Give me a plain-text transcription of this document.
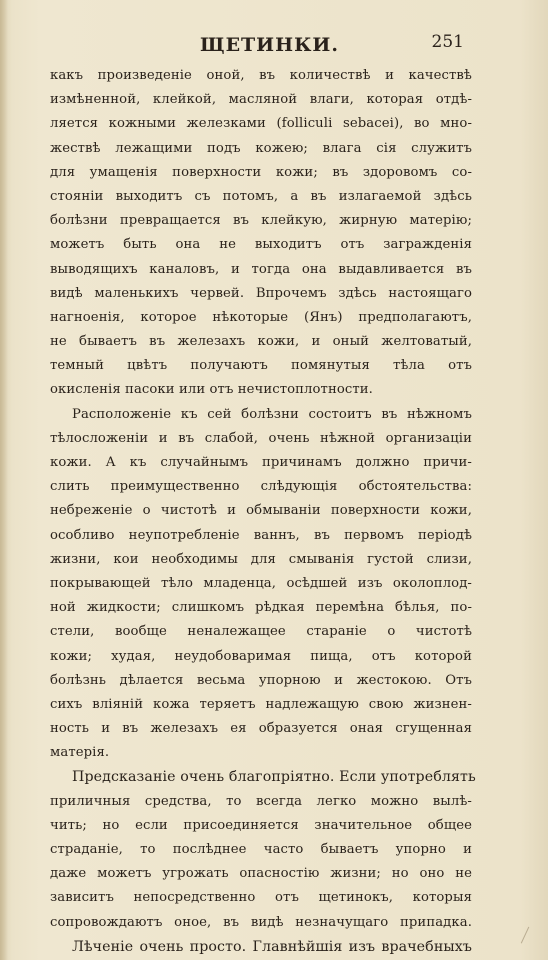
ЩЕТИНКИ.	251
какъ произведеніе оной, въ количествѣ и качествѣ
измѣненной, клейкой, масляной влаги, которая отдѣ-
ляется кожными железками (folliculi sebacei), во мно-
жествѣ лежащими подъ кожею; влага сія служитъ
для умащенія поверхности кожи; въ здоровомъ со-
стояніи выходитъ съ потомъ, а въ излагаемой здѣсь
болѣзни превращается въ клейкую, жирную матерію;
можетъ быть она не выходитъ отъ загражденія
выводящихъ каналовъ, и тогда она выдавливается въ
видѣ маленькихъ червей. Впрочемъ здѣсь настоящаго
нагноенія, которое нѣкоторые (Янъ) предполагаютъ,
не бываетъ въ железахъ кожи, и оный желтоватый,
темный цвѣтъ получаютъ помянутыя тѣла отъ
окисленія пасоки или отъ нечистоплотности.
Расположеніе къ сей болѣзни состоитъ въ нѣжномъ
тѣлосложеніи и въ слабой, очень нѣжной организаціи
кожи. А къ случайнымъ причинамъ должно причи-
слить преимущественно слѣдующія обстоятельства:
небреженіе о чистотѣ и обмываніи поверхности кожи,
особливо неупотребленіе ваннъ, въ первомъ періодѣ
жизни, кои необходимы для смыванія густой слизи,
покрывающей тѣло младенца, осѣдшей изъ околоплод-
ной жидкости; слишкомъ рѣдкая перемѣна бѣлья, по-
стели, вообще неналежащее старанiе о чистотѣ
кожи; худая, неудобоваримая пища, отъ которой
болѣзнь дѣлается весьма упорною и жестокою. Отъ
сихъ вліяній кожа теряетъ надлежащую свою жизнен-
ность и въ железахъ ея образуется оная сгущенная
матерія.
Предсказаніе очень благопріятно. Если употреблять
приличныя средства, то всегда легко можно вылѣ-
чить; но если присоединяется значительное общее
страданіе, то послѣднее часто бываетъ упорно и
даже можетъ угрожать опасностію жизни; но оно не
зависитъ непосредственно отъ щетинокъ, которыя
сопровождаютъ оное, въ видѣ незначущаго припадка.
Лѣченіе очень просто. Главнѣйшія изъ врачебныхъ
